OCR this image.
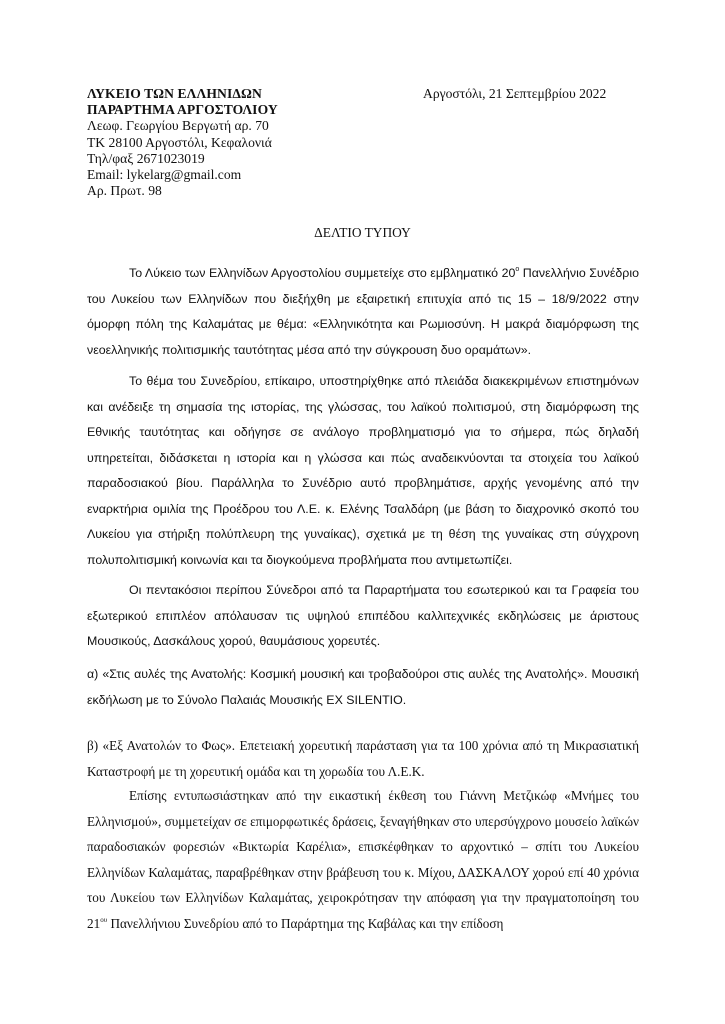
ΛΥΚΕΙΟ ΤΩΝ ΕΛΛΗΝΙΔΩΝ
ΠΑΡΑΡΤΗΜΑ ΑΡΓΟΣΤΟΛΙΟΥ
Λεωφ. Γεωργίου Βεργωτή αρ. 70
ΤΚ 28100 Αργοστόλι, Κεφαλονιά
Τηλ/φαξ 2671023019
Email: lykelarg@gmail.com
Αρ. Πρωτ. 98
Αργοστόλι, 21 Σεπτεμβρίου 2022
ΔΕΛΤΙΟ ΤΥΠΟΥ

Το Λύκειο των Ελληνίδων Αργοστολίου συμμετείχε στο εμβληματικό $20^o$ Πανελλήνιο Συνέδριο του Λυκείου των Ελληνίδων που διεξήχθη με εξαιρετική επιτυχία από τις 15 – 18/9/2022 στην όμορφη πόλη της Καλαμάτας με θέμα: «Ελληνικότητα και Ρωμιοσύνη. Η μακρά διαμόρφωση της νεοελληνικής πολιτισμικής ταυτότητας μέσα από την σύγκρουση δυο οραμάτων».

Το θέμα του Συνεδρίου, επίκαιρο, υποστηρίχθηκε από πλειάδα διακεκριμένων επιστημόνων και ανέδειξε τη σημασία της ιστορίας, της γλώσσας, του λαϊκού πολιτισμού, στη διαμόρφωση της Εθνικής ταυτότητας και οδήγησε σε ανάλογο προβληματισμό για το σήμερα, πώς δηλαδή υπηρετείται, διδάσκεται η ιστορία και η γλώσσα και πώς αναδεικνύονται τα στοιχεία του λαϊκού παραδοσιακού βίου. Παράλληλα το Συνέδριο αυτό προβλημάτισε, αρχής γενομένης από την εναρκτήρια ομιλία της Προέδρου του Λ.Ε. κ. Ελένης Τσαλδάρη (με βάση το διαχρονικό σκοπό του Λυκείου για στήριξη πολύπλευρη της γυναίκας), σχετικά με τη θέση της γυναίκας στη σύγχρονη πολυπολιτισμική κοινωνία και τα διογκούμενα προβλήματα που αντιμετωπίζει.

Οι πεντακόσιοι περίπου Σύνεδροι από τα Παραρτήματα του εσωτερικού και τα Γραφεία του εξωτερικού επιπλέον απόλαυσαν τις υψηλού επιπέδου καλλιτεχνικές εκδηλώσεις με άριστους Μουσικούς, Δασκάλους χορού, θαυμάσιους χορευτές.

α) «Στις αυλές της Ανατολής: Κοσμική μουσική και τροβαδούροι στις αυλές της Ανατολής». Μουσική εκδήλωση με το Σύνολο Παλαιάς Μουσικής EX SILENTIO.

β) «Εξ Ανατολών το Φως». Επετειακή χορευτική παράσταση για τα 100 χρόνια από τη Μικρασιατική Καταστροφή με τη χορευτική ομάδα και τη χορωδία του Λ.Ε.Κ.

Επίσης εντυπωσιάστηκαν από την εικαστική έκθεση του Γιάννη Μετζικώφ «Μνήμες του Ελληνισμού», συμμετείχαν σε επιμορφωτικές δράσεις, ξεναγήθηκαν στο υπερσύγχρονο μουσείο λαϊκών παραδοσιακών φορεσιών «Βικτωρία Καρέλια», επισκέφθηκαν το αρχοντικό – σπίτι του Λυκείου Ελληνίδων Καλαμάτας, παραβρέθηκαν στην βράβευση του κ. Μίχου, ΔΑΣΚΑΛΟΥ χορού επί 40 χρόνια του Λυκείου των Ελληνίδων Καλαμάτας, χειροκρότησαν την απόφαση για την πραγματοποίηση του $21^{o\upsilon}$ Πανελλήνιου Συνεδρίου από το Παράρτημα της Καβάλας και την επίδοση
